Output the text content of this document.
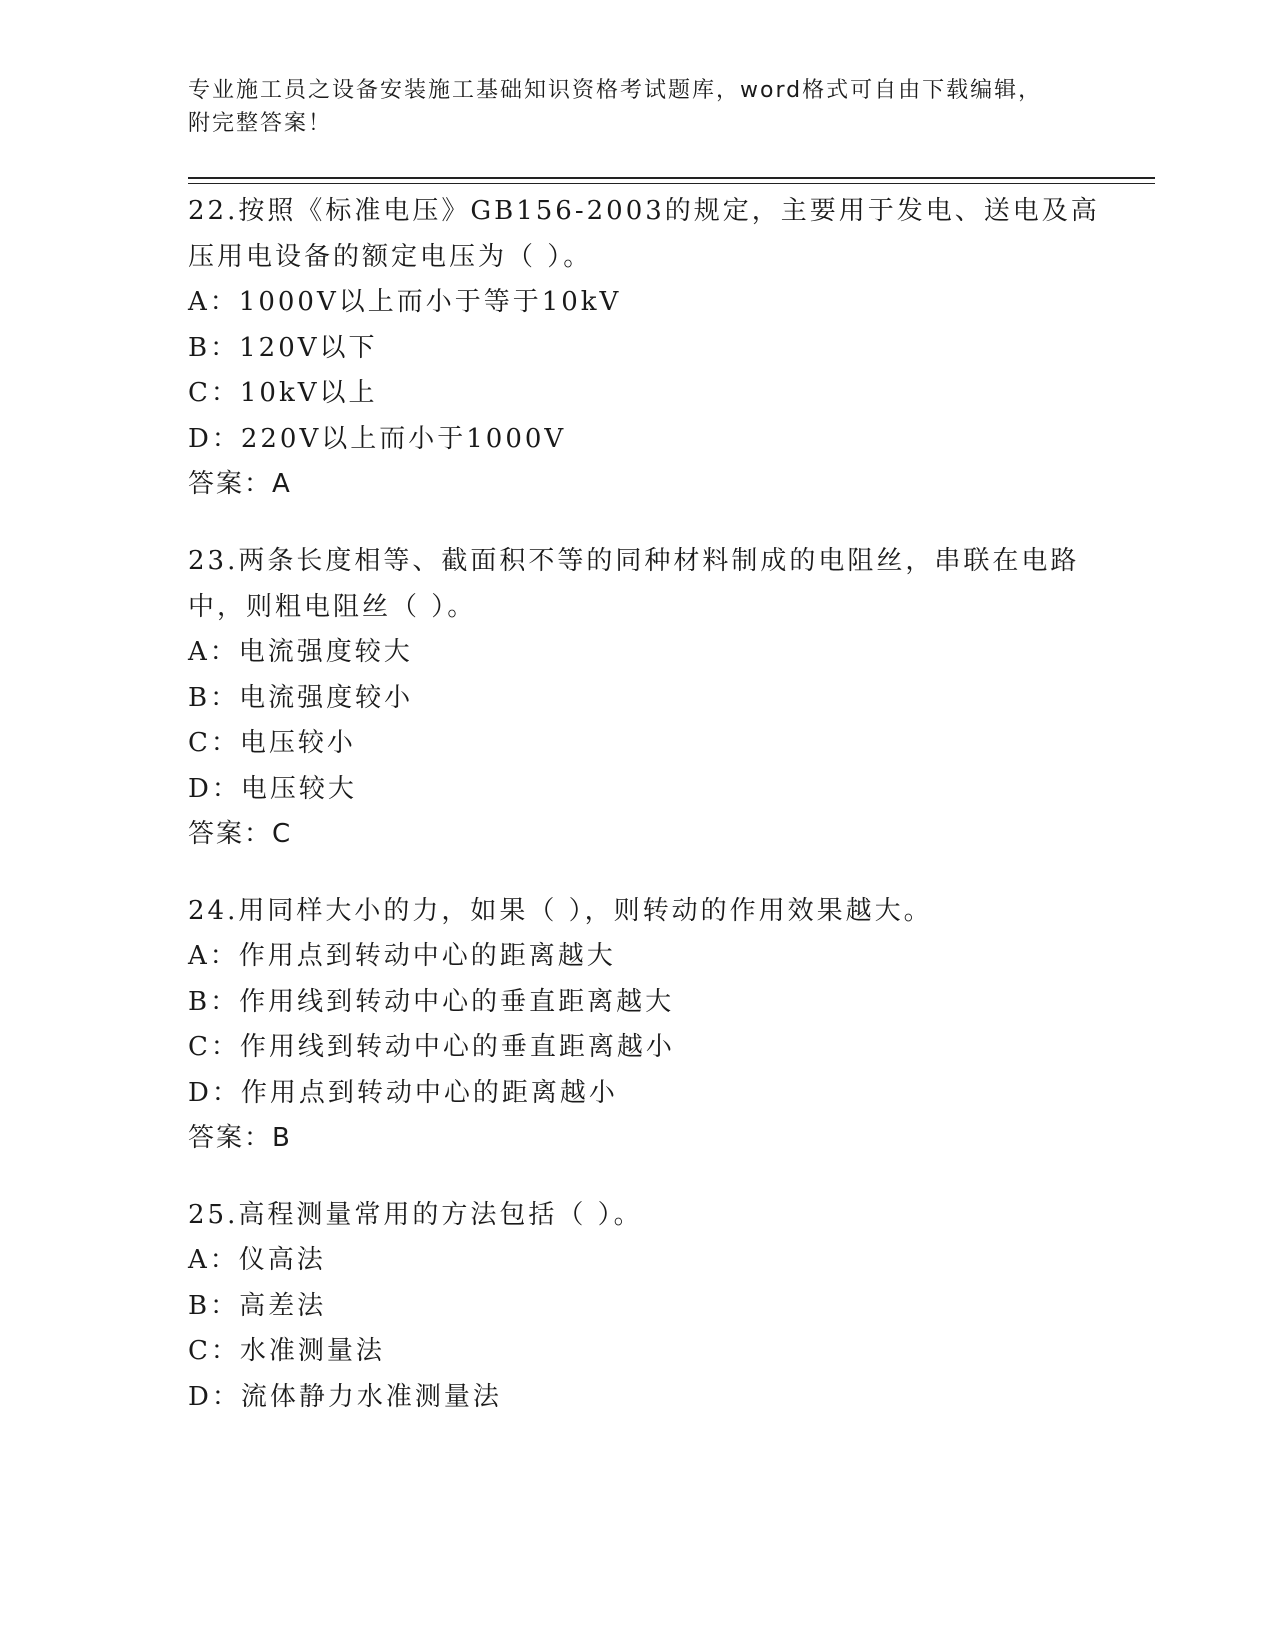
专业施工员之设备安装施工基础知识资格考试题库，word格式可自由下载编辑，
附完整答案！
22.按照《标准电压》GB156-2003的规定，主要用于发电、送电及高压用电设备的额定电压为（ ）。
A：1000V以上而小于等于10kV
B：120V以下
C：10kV以上
D：220V以上而小于1000V
答案：A
23.两条长度相等、截面积不等的同种材料制成的电阻丝，串联在电路中，则粗电阻丝（ ）。
A：电流强度较大
B：电流强度较小
C：电压较小
D：电压较大
答案：C
24.用同样大小的力，如果（ ），则转动的作用效果越大。
A：作用点到转动中心的距离越大
B：作用线到转动中心的垂直距离越大
C：作用线到转动中心的垂直距离越小
D：作用点到转动中心的距离越小
答案：B
25.高程测量常用的方法包括（ ）。
A：仪高法
B：高差法
C：水准测量法
D：流体静力水准测量法
